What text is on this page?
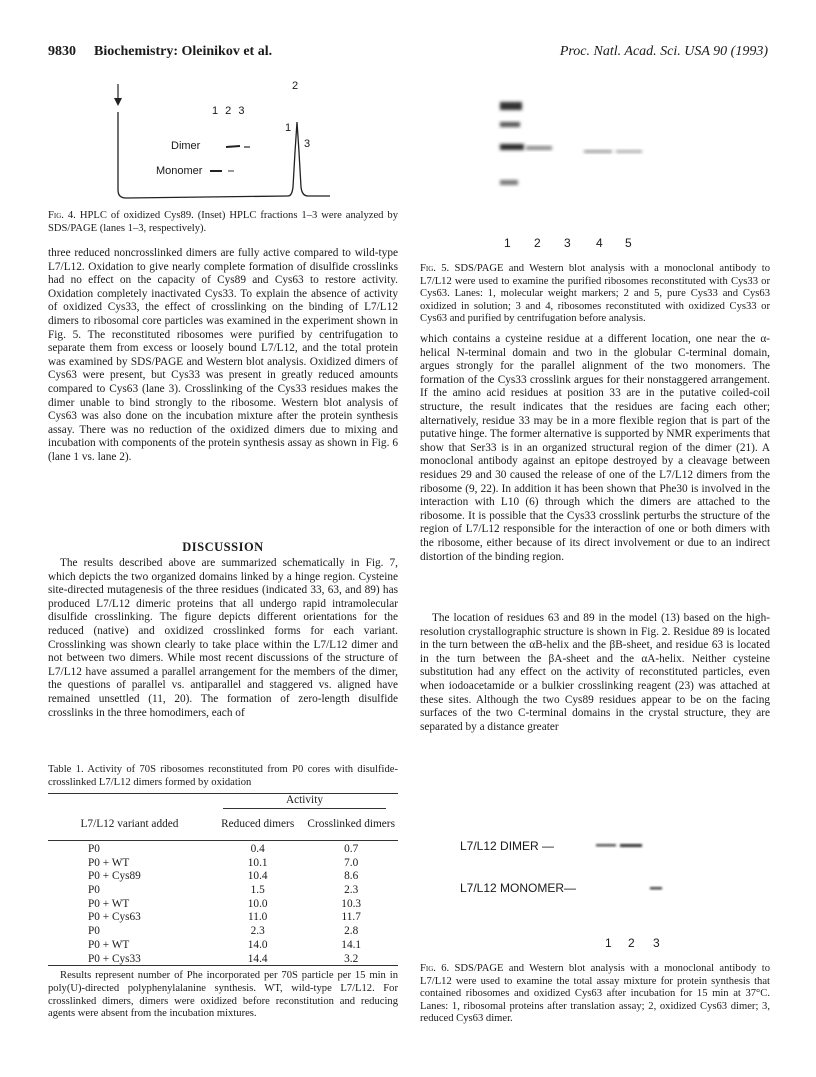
9830 Biochemistry: Oleinikov et al.	Proc. Natl. Acad. Sci. USA 90 (1993)
1 2 3
2
1
3
Dimer
Monomer
Fig. 4. HPLC of oxidized Cys89. (Inset) HPLC fractions 1–3 were analyzed by SDS/PAGE (lanes 1–3, respectively).

three reduced noncrosslinked dimers are fully active compared to wild-type L7/L12. Oxidation to give nearly complete formation of disulfide crosslinks had no effect on the capacity of Cys89 and Cys63 to restore activity. Oxidation completely inactivated Cys33. To explain the absence of activity of oxidized Cys33, the effect of crosslinking on the binding of L7/L12 dimers to ribosomal core particles was examined in the experiment shown in Fig. 5. The reconstituted ribosomes were purified by centrifugation to separate them from excess or loosely bound L7/L12, and the total protein was examined by SDS/PAGE and Western blot analysis. Oxidized dimers of Cys63 were present, but Cys33 was present in greatly reduced amounts compared to Cys63 (lane 3). Crosslinking of the Cys33 residues makes the dimer unable to bind strongly to the ribosome. Western blot analysis of Cys63 was also done on the incubation mixture after the protein synthesis assay. There was no reduction of the oxidized dimers due to mixing and incubation with components of the protein synthesis assay as shown in Fig. 6 (lane 1 vs. lane 2).

DISCUSSION

The results described above are summarized schematically in Fig. 7, which depicts the two organized domains linked by a hinge region. Cysteine site-directed mutagenesis of the three residues (indicated 33, 63, and 89) has produced L7/L12 dimeric proteins that all undergo rapid intramolecular disulfide crosslinking. The figure depicts different orientations for the reduced (native) and oxidized crosslinked forms for each variant. Crosslinking was shown clearly to take place within the L7/L12 dimer and not between two dimers. While most recent discussions of the structure of L7/L12 have assumed a parallel arrangement for the members of the dimer, the questions of parallel vs. antiparallel and staggered vs. aligned have remained unsettled (11, 20). The formation of zero-length disulfide crosslinks in the three homodimers, each of

Table 1. Activity of 70S ribosomes reconstituted from P0 cores with disulfide-crosslinked L7/L12 dimers formed by oxidation
	Activity	

L7/L12 variant added	Reduced dimers	Crosslinked dimers

P0	0.4	0.7
P0 + WT	10.1	7.0
P0 + Cys89	10.4	8.6
P0	1.5	2.3
P0 + WT	10.0	10.3
P0 + Cys63	11.0	11.7
P0	2.3	2.8
P0 + WT	14.0	14.1
P0 + Cys33	14.4	3.2
Results represent number of Phe incorporated per 70S particle per 15 min in poly(U)-directed polyphenylalanine synthesis. WT, wild-type L7/L12. For crosslinked dimers, dimers were oxidized before reconstitution and reducing agents were absent from the incubation mixtures.
1 2 3 4 5
Fig. 5. SDS/PAGE and Western blot analysis with a monoclonal antibody to L7/L12 were used to examine the purified ribosomes reconstituted with Cys33 or Cys63. Lanes: 1, molecular weight markers; 2 and 5, pure Cys33 and Cys63 oxidized in solution; 3 and 4, ribosomes reconstituted with oxidized Cys33 or Cys63 and purified by centrifugation before analysis.

which contains a cysteine residue at a different location, one near the α-helical N-terminal domain and two in the globular C-terminal domain, argues strongly for the parallel alignment of the two monomers. The formation of the Cys33 crosslink argues for their nonstaggered arrangement. If the amino acid residues at position 33 are in the putative coiled-coil structure, the result indicates that the residues are facing each other; alternatively, residue 33 may be in a more flexible region that is part of the putative hinge. The former alternative is supported by NMR experiments that show that Ser33 is in an organized structural region of the dimer (21). A monoclonal antibody against an epitope destroyed by a cleavage between residues 29 and 30 caused the release of one of the L7/L12 dimers from the ribosome (9, 22). In addition it has been shown that Phe30 is involved in the interaction with L10 (6) through which the dimers are attached to the ribosome. It is possible that the Cys33 crosslink perturbs the structure of the region of L7/L12 responsible for the interaction of one or both dimers with the ribosome, either because of its direct involvement or due to an indirect distortion of the binding region.

The location of residues 63 and 89 in the model (13) based on the high-resolution crystallographic structure is shown in Fig. 2. Residue 89 is located in the turn between the αB-helix and the βB-sheet, and residue 63 is located in the turn between the βA-sheet and the αA-helix. Neither cysteine substitution had any effect on the activity of reconstituted particles, even when iodoacetamide or a bulkier crosslinking reagent (23) was attached at these sites. Although the two Cys89 residues appear to be on the facing surfaces of the two C-terminal domains in the crystal structure, they are separated by a distance greater

L7/L12 DIMER —
L7/L12 MONOMER—
1 2 3
Fig. 6. SDS/PAGE and Western blot analysis with a monoclonal antibody to L7/L12 were used to examine the total assay mixture for protein synthesis that contained ribosomes and oxidized Cys63 after incubation for 15 min at 37°C. Lanes: 1, ribosomal proteins after translation assay; 2, oxidized Cys63 dimer; 3, reduced Cys63 dimer.
